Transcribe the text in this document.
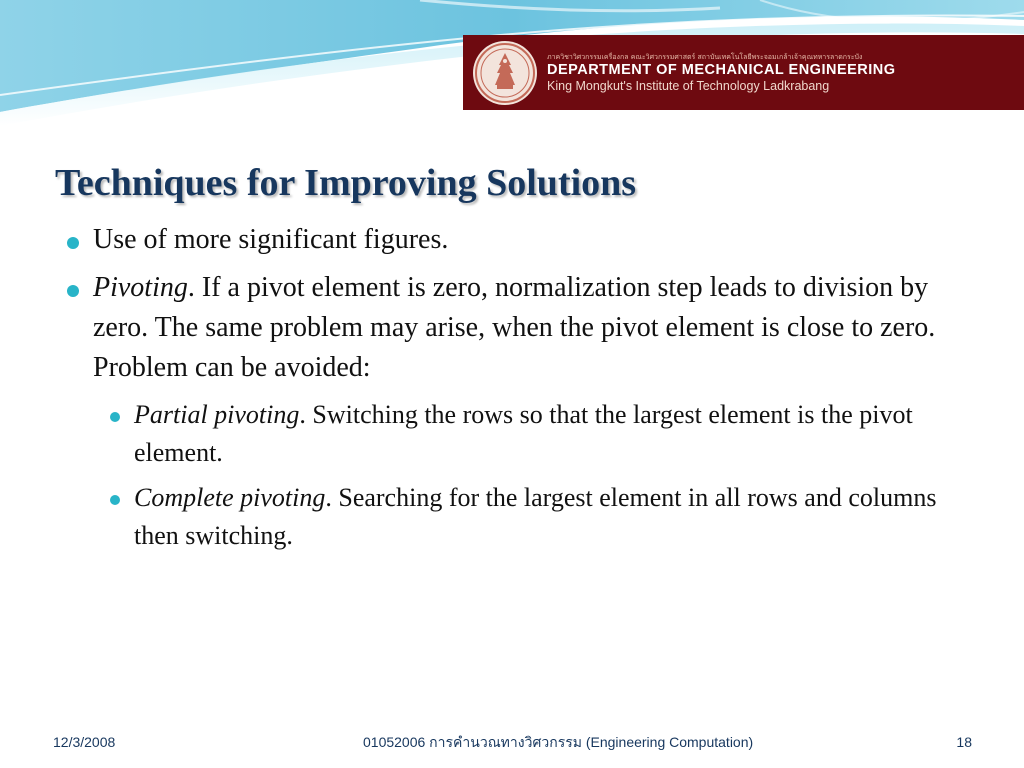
ภาควิชาวิศวกรรมเครื่องกล คณะวิศวกรรมศาสตร์ สถาบันเทคโนโลยีพระจอมเกล้าเจ้าคุณทหารลาดกระบัง
DEPARTMENT OF MECHANICAL ENGINEERING
King Mongkut's Institute of Technology Ladkrabang
Techniques for Improving Solutions
Use of more significant figures.
Pivoting. If a pivot element is zero, normalization step leads to division by zero. The same problem may arise, when the pivot element is close to zero. Problem can be avoided:
Partial pivoting. Switching the rows so that the largest element is the pivot element.
Complete pivoting. Searching for the largest element in all rows and columns then switching.
12/3/2008	01052006 การคำนวณทางวิศวกรรม (Engineering Computation)	18
